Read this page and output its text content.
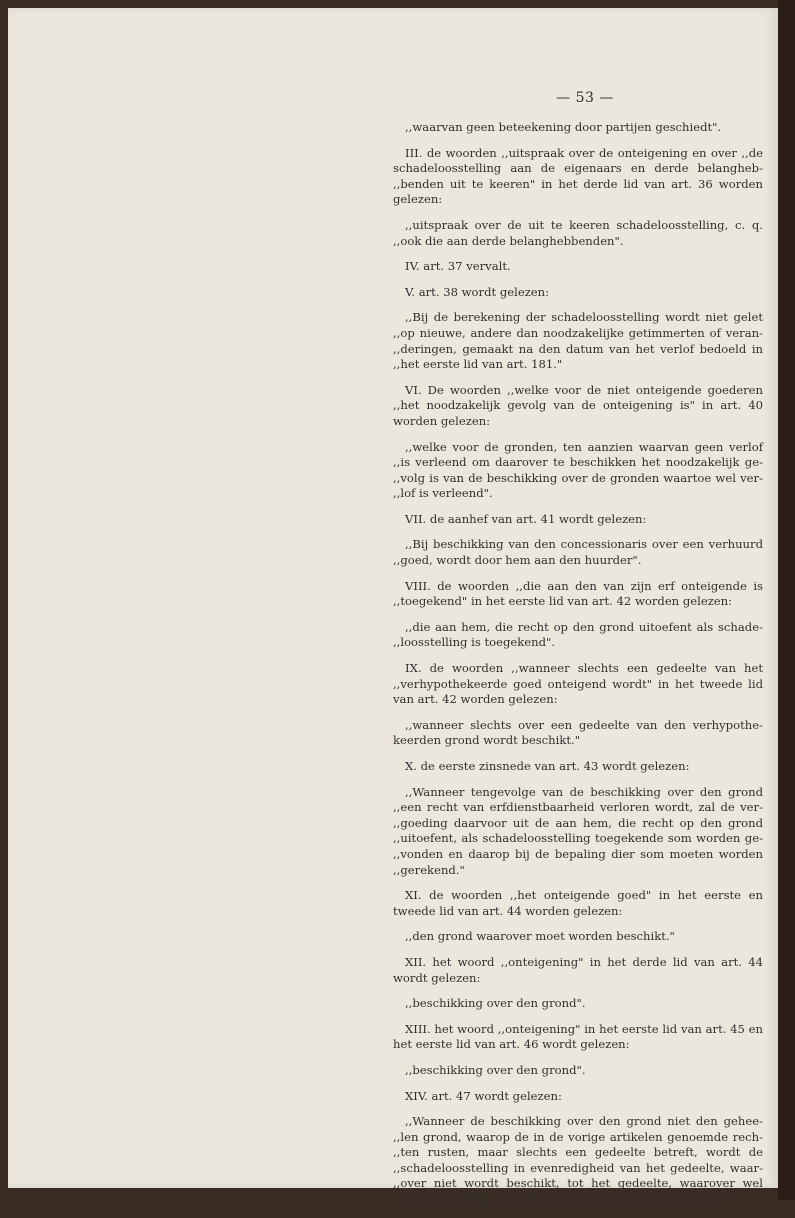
— 53 —

,,waarvan geen beteekening door partijen geschiedt".

III. de woorden ,,uitspraak over de onteigening en over ,,de schadeloosstelling aan de eigenaars en derde belangheb- ,,benden uit te keeren" in het derde lid van art. 36 worden gelezen:

,,uitspraak over de uit te keeren schadeloosstelling, c. q. ,,ook die aan derde belanghebbenden".

IV. art. 37 vervalt.

V. art. 38 wordt gelezen:

,,Bij de berekening der schadeloosstelling wordt niet gelet ,,op nieuwe, andere dan noodzakelijke getimmerten of veran- ,,deringen, gemaakt na den datum van het verlof bedoeld in ,,het eerste lid van art. 181."

VI. De woorden ,,welke voor de niet onteigende goederen ,,het noodzakelijk gevolg van de onteigening is" in art. 40 worden gelezen:

,,welke voor de gronden, ten aanzien waarvan geen verlof ,,is verleend om daarover te beschikken het noodzakelijk ge- ,,volg is van de beschikking over de gronden waartoe wel ver- ,,lof is verleend".

VII. de aanhef van art. 41 wordt gelezen:

,,Bij beschikking van den concessionaris over een verhuurd ,,goed, wordt door hem aan den huurder".

VIII. de woorden ,,die aan den van zijn erf onteigende is ,,toegekend" in het eerste lid van art. 42 worden gelezen:

,,die aan hem, die recht op den grond uitoefent als schade- ,,loosstelling is toegekend".

IX. de woorden ,,wanneer slechts een gedeelte van het ,,verhypothekeerde goed onteigend wordt" in het tweede lid van art. 42 worden gelezen:

,,wanneer slechts over een gedeelte van den verhypothe- keerden grond wordt beschikt."

X. de eerste zinsnede van art. 43 wordt gelezen:

,,Wanneer tengevolge van de beschikking over den grond ,,een recht van erfdienstbaarheid verloren wordt, zal de ver- ,,goeding daarvoor uit de aan hem, die recht op den grond ,,uitoefent, als schadeloosstelling toegekende som worden ge- ,,vonden en daarop bij de bepaling dier som moeten worden ,,gerekend."

XI. de woorden ,,het onteigende goed" in het eerste en tweede lid van art. 44 worden gelezen:

,,den grond waarover moet worden beschikt."

XII. het woord ,,onteigening" in het derde lid van art. 44 wordt gelezen:

,,beschikking over den grond".

XIII. het woord ,,onteigening" in het eerste lid van art. 45 en het eerste lid van art. 46 wordt gelezen:

,,beschikking over den grond".

XIV. art. 47 wordt gelezen:

,,Wanneer de beschikking over den grond niet den gehee- ,,len grond, waarop de in de vorige artikelen genoemde rech- ,,ten rusten, maar slechts een gedeelte betreft, wordt de ,,schadeloosstelling in evenredigheid van het gedeelte, waar- ,,over niet wordt beschikt, tot het gedeelte, waarover wel ,,wordt beschikt, naar de bovenstaande regels berekend."
